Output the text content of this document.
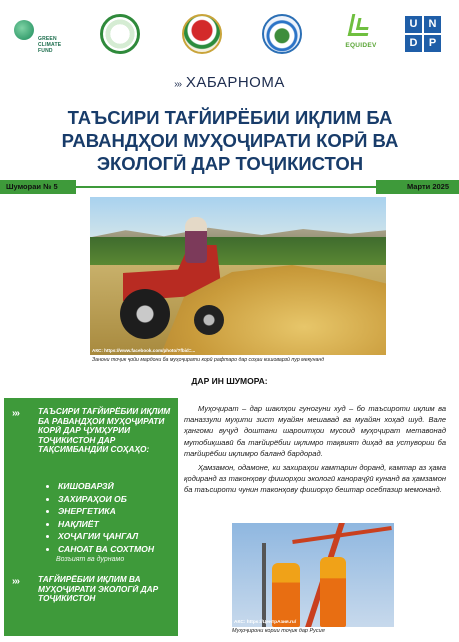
GREEN
CLIMATE
FUND
EQUIDEV
U	N
D	P
››› ХАБАРНОМА
ТАЪСИРИ ТАҒЙИРЁБИИ ИҚЛИМ БА РАВАНДҲОИ МУҲОҶИРАТИ КОРӢ ВА ЭКОЛОГӢ ДАР ТОҶИКИСТОН
Шумораи № 5	Марти 2025
АКС: https://www.facebook.com/photo/?fbid=...
Занони тоҷик ҷойи мардони ба муҳоҷирати корӣ рафтаро дар соҳаи кишоварзӣ пур мекунанд
ДАР ИН ШУМОРА:
››› ТАЪСИРИ ТАҒЙИРЁБИИ ИҚЛИМ БА РАВАНДҲОИ МУҲОҶИРАТИ КОРӢ ДАР ҶУМҲУРИИ ТОҶИКИСТОН ДАР ТАҚСИМБАНДИИ СОҲАҲО:
• КИШОВАРЗӢ
• ЗАХИРАҲОИ ОБ
• ЭНЕРГЕТИКА
• НАҚЛИЁТ
• ХОҶАГИИ ҶАНГАЛ
• САНОАТ ВА СОХТМОН
Возъият ва дурнамо
››› ТАҒЙИРЁБИИ ИҚЛИМ ВА МУҲОҶИРАТИ ЭКОЛОГӢ ДАР ТОҶИКИСТОН

Муҳоҷират – дар шаклҳои гуногуни худ – бо таъсироти иқлим ва таназзули муҳити зист муайян мешавад ва муайян хоҳад шуд. Вале ҳангоми вуҷуд доштани шароитҳои мусоид муҳоҷират метавонад мутобиқшавӣ ба тағйирёбии иқлимро тақвият диҳад ва устувории ба тағйирёбии иқлимро баланд бардорад.

Ҳамзамон, одамоне, ки захираҳои камтарин доранд, камтар аз ҳама қодиранд аз таконҳову фишорҳои экологӣ канораҷӯӣ кунанд ва ҳамзамон ба таъсироти чунин таконҳову фишорҳо бештар осебпазир мемонанд.

АКС: https://ЦентрАзия.ru/
Муҳоҷирони кории тоҷик дар Русия
